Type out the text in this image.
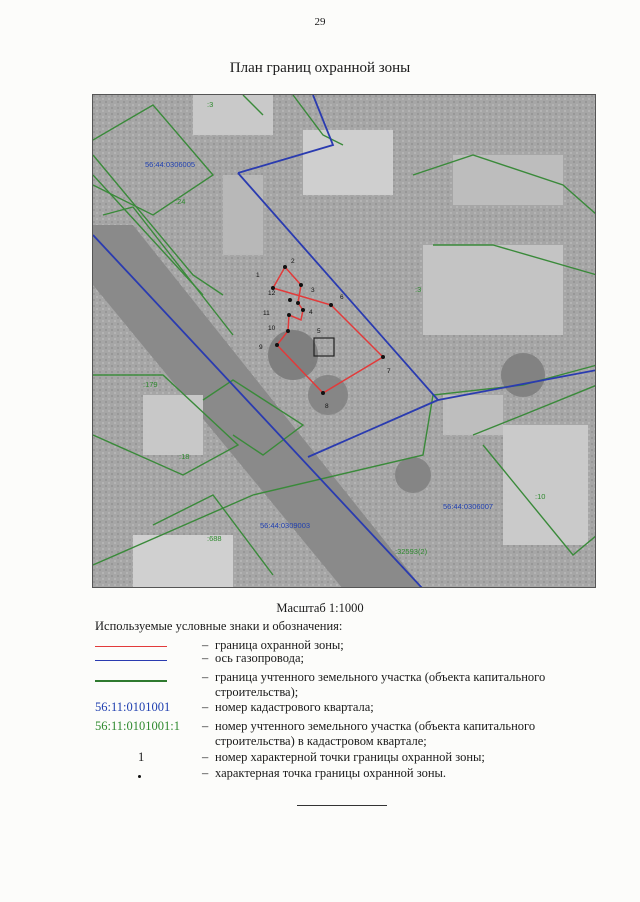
29
План границ охранной зоны
1
2
3
4
5
6
7
8
9
10
11
12
56:44:0306005
56:44:0306007
56:44:0309003
:3
:24
:3
:179
:18
:10
:688
:32593(2)
Масштаб 1:1000
Используемые условные знаки и обозначения:
– граница охранной зоны;
– ось газопровода;
– граница учтенного земельного участка (объекта капитального строительства);
56:11:0101001	– номер кадастрового квартала;
56:11:0101001:1 – номер учтенного земельного участка (объекта капитального строительства) в кадастровом квартале;
1	– номер характерной точки границы охранной зоны;
– характерная точка границы охранной зоны.
